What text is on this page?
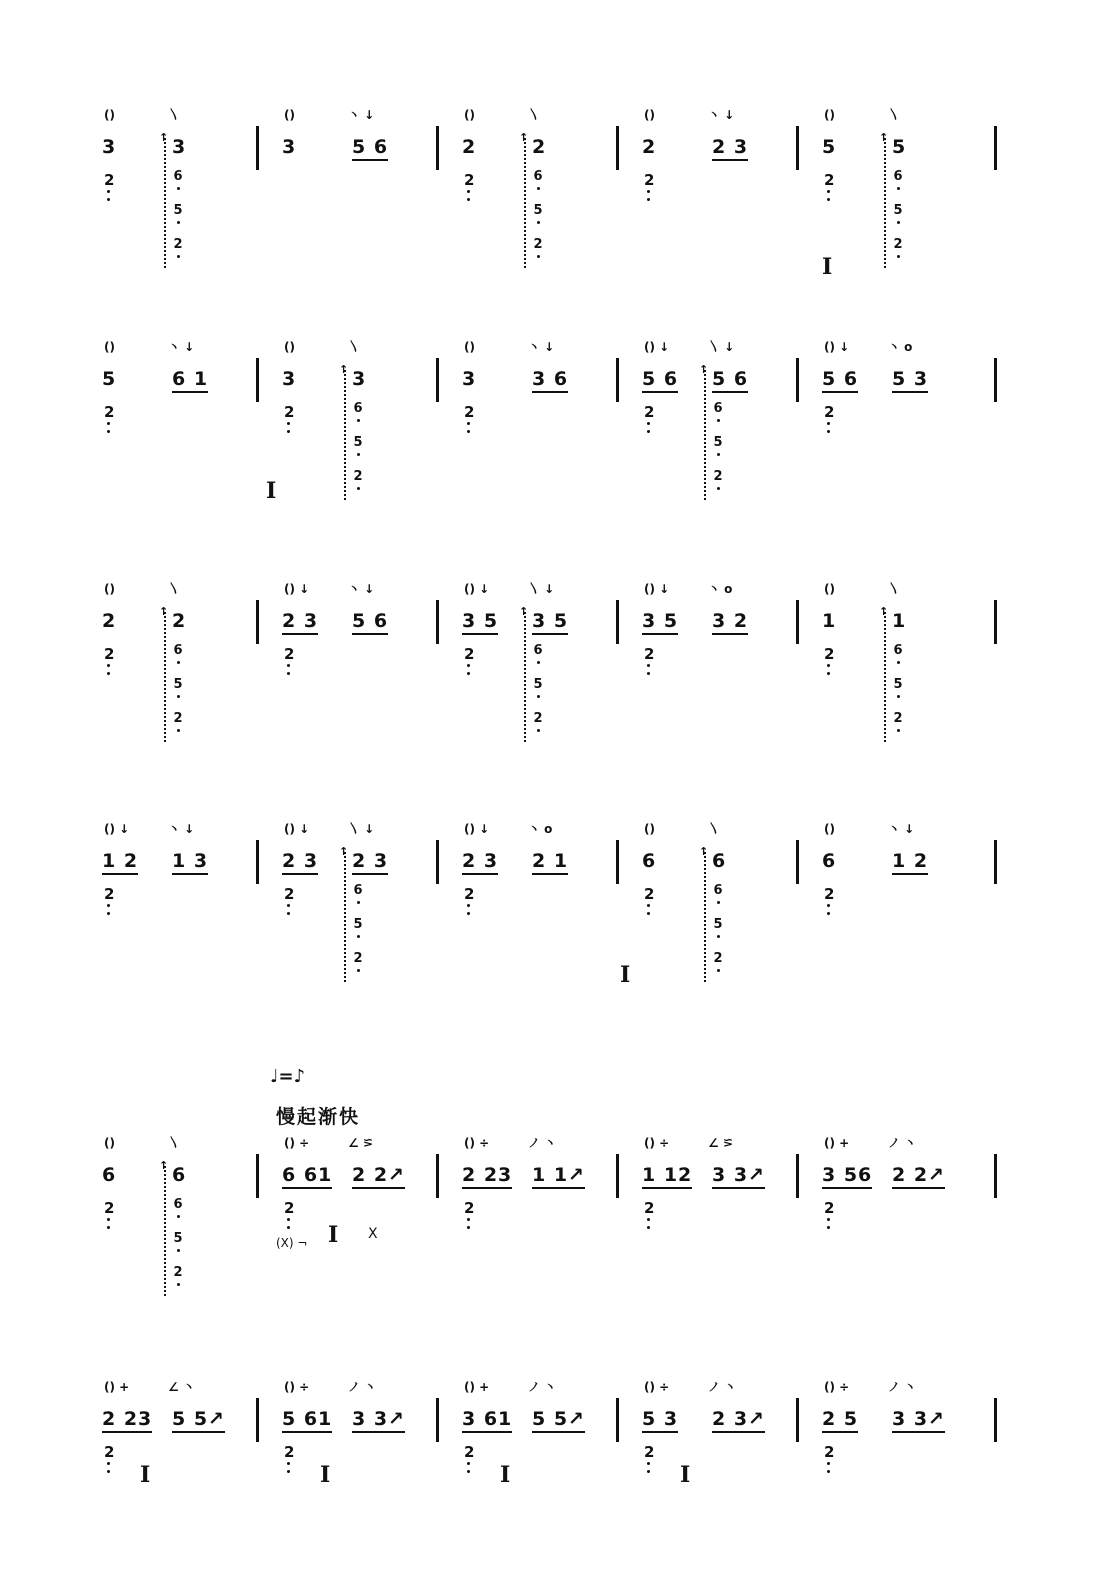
♩=♪
慢起渐快
()	〵
3	3
2
↑
6
5
2
()	丶 ↓
3	5 6
()	〵
2	2
2
↑
6
5
2
()	丶 ↓
2	2 3
2
()	〵
5	5
2
↑
6
5
2
I
()	丶 ↓
5	6 1
2
()	〵
3	3
2
↑
6
5
2
I
()	丶 ↓
3	3 6
2
() ↓	〵 ↓
5 6 5 6
2
↑
6
5
2
() ↓	丶 o
5 6 5 3
2
()	〵
2	2
2
↑
6
5
2
() ↓	丶 ↓
2 3 5 6
2
() ↓	〵 ↓
3 5 3 5
2
↑
6
5
2
() ↓	丶 o
3 5 3 2
2
()	〵
1	1
2
↑
6
5
2
() ↓	丶 ↓
1 2 1 3
2
() ↓	〵 ↓
2 3 2 3
2
↑
6
5
2
() ↓	丶 o
2 3 2 1
2
()	〵
6	6
2
↑
6
5
2
I
()	丶 ↓
6	1 2
2
()	〵
6	6
2
↑
6
5
2
() ÷	∠ ⪞
6 61 2 2↗
2
I
(X) ¬
X
() ÷	ノ 丶
2 23 1 1↗
2
() ÷	∠ ⪞
1 12 3 3↗
2
() +	ノ 丶
3 56 2 2↗
2
() +	∠ 丶
2 23 5 5↗
2
I
() ÷	ノ 丶
5 61 3 3↗
2
I
() +	ノ 丶
3 61 5 5↗
2
I
() ÷	ノ 丶
5 3 2 3↗
2
I
() ÷	ノ 丶
2 5 3 3↗
2
